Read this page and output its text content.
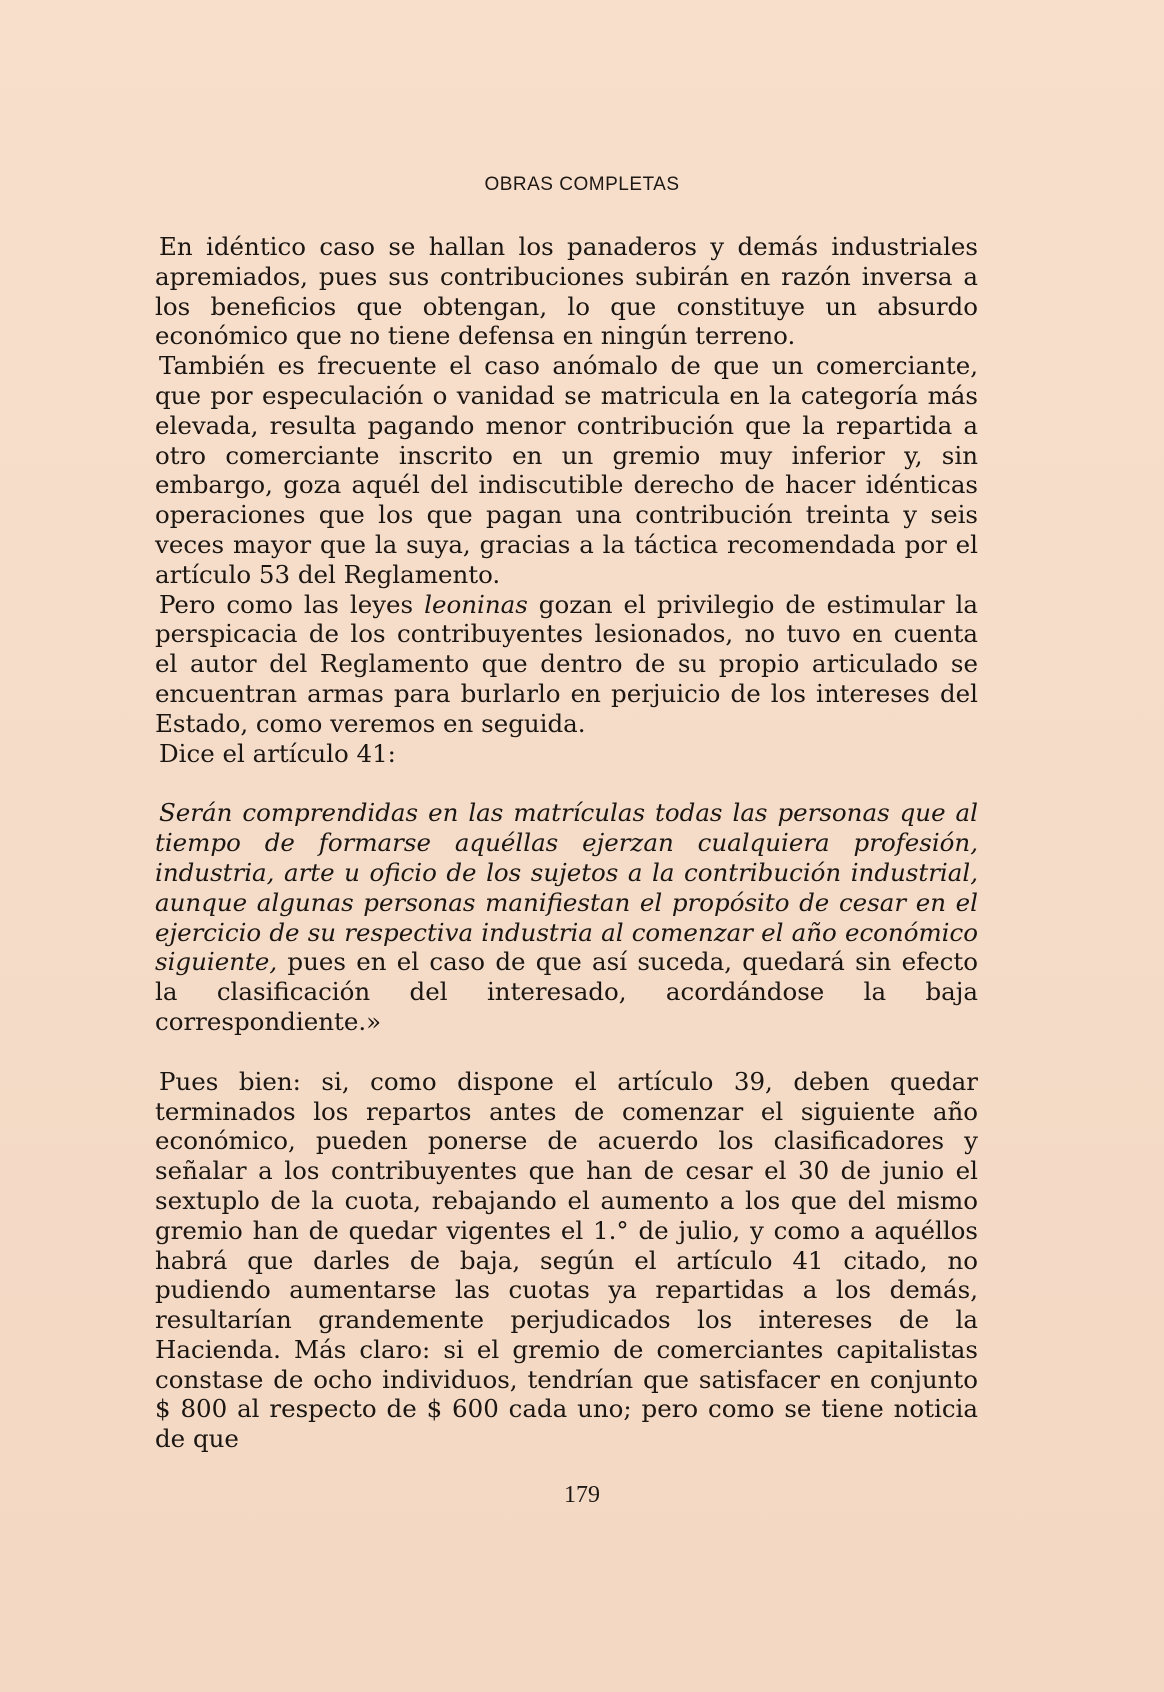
OBRAS COMPLETAS

En idéntico caso se hallan los panaderos y demás industriales apremiados, pues sus contribuciones subirán en razón inversa a los beneficios que obtengan, lo que constituye un absurdo económico que no tiene defensa en ningún terreno.

También es frecuente el caso anómalo de que un comerciante, que por especulación o vanidad se matricula en la categoría más elevada, resulta pagando menor contribución que la repartida a otro comerciante inscrito en un gremio muy inferior y, sin embargo, goza aquél del indiscutible derecho de hacer idénticas operaciones que los que pagan una contribución treinta y seis veces mayor que la suya, gracias a la táctica recomendada por el artículo 53 del Reglamento.

Pero como las leyes leoninas gozan el privilegio de estimular la perspicacia de los contribuyentes lesionados, no tuvo en cuenta el autor del Reglamento que dentro de su propio articulado se encuentran armas para burlarlo en perjuicio de los intereses del Estado, como veremos en seguida.

Dice el artículo 41:

Serán comprendidas en las matrículas todas las personas que al tiempo de formarse aquéllas ejerzan cualquiera profesión, industria, arte u oficio de los sujetos a la contribución industrial, aunque algunas personas manifiestan el propósito de cesar en el ejercicio de su respectiva industria al comenzar el año económico siguiente, pues en el caso de que así suceda, quedará sin efecto la clasificación del interesado, acordándose la baja correspondiente.»

Pues bien: si, como dispone el artículo 39, deben quedar terminados los repartos antes de comenzar el siguiente año económico, pueden ponerse de acuerdo los clasificadores y señalar a los contribuyentes que han de cesar el 30 de junio el sextuplo de la cuota, rebajando el aumento a los que del mismo gremio han de quedar vigentes el 1.° de julio, y como a aquéllos habrá que darles de baja, según el artículo 41 citado, no pudiendo aumentarse las cuotas ya repartidas a los demás, resultarían grandemente perjudicados los intereses de la Hacienda. Más claro: si el gremio de comerciantes capitalistas constase de ocho individuos, tendrían que satisfacer en conjunto $ 800 al respecto de $ 600 cada uno; pero como se tiene noticia de que

179
